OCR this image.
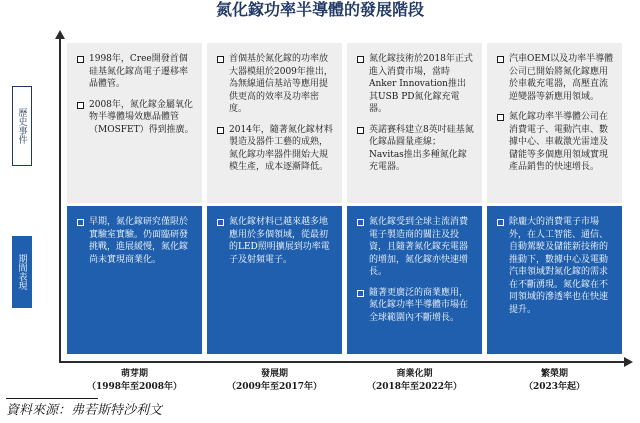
氮化鎵功率半導體的發展階段
歷史事件
期間表現
1998年，Cree開發首個硅基氮化鎵高電子遷移率晶體管。
2008年，氮化鎵金屬氧化物半導體場效應晶體管（MOSFET）得到推廣。
早期，氮化鎵研究僅限於實驗室實驗。仍面臨研發挑戰，進展緩慢，氮化鎵尚未實現商業化。
萌芽期
（1998年至2008年）
首個基於氮化鎵的功率放大器模組於2009年推出，為無線通信基站等應用提供更高的效率及功率密度。
2014年，隨著氮化鎵材料製造及器件工藝的成熟，氮化鎵功率器件開始大規模生產，成本逐漸降低。
氮化鎵材料已越來越多地應用於多個領域，從最初的LED照明擴展到功率電子及射頻電子。
發展期
（2009年至2017年）
氮化鎵技術於2018年正式進入消費市場，當時Anker Innovation推出其USB PD氮化鎵充電器。
英諾賽科建立8英吋硅基氮化鎵晶圓量產線；Navitas推出多種氮化鎵充電器。
氮化鎵受到全球主流消費電子製造商的關注及投資，且隨著氮化鎵充電器的增加，氮化鎵亦快速增長。
隨著更廣泛的商業應用，氮化鎵功率半導體市場在全球範圍內不斷增長。
商業化期
（2018年至2022年）
汽車OEM以及功率半導體公司已開始將氮化鎵應用於車載充電器，高壓直流逆變器等新應用領域。
氮化鎵功率半導體公司在消費電子、電動汽車、數據中心、車載激光雷達及儲能等多個應用領域實現產品銷售的快速增長。
除龐大的消費電子市場外，在人工智能、通信、自動駕駛及儲能新技術的推動下，數據中心及電動汽車領域對氮化鎵的需求在不斷湧現。氮化鎵在不同領域的滲透率也在快速提升。
繁榮期
（2023年起）
資料來源：弗若斯特沙利文
